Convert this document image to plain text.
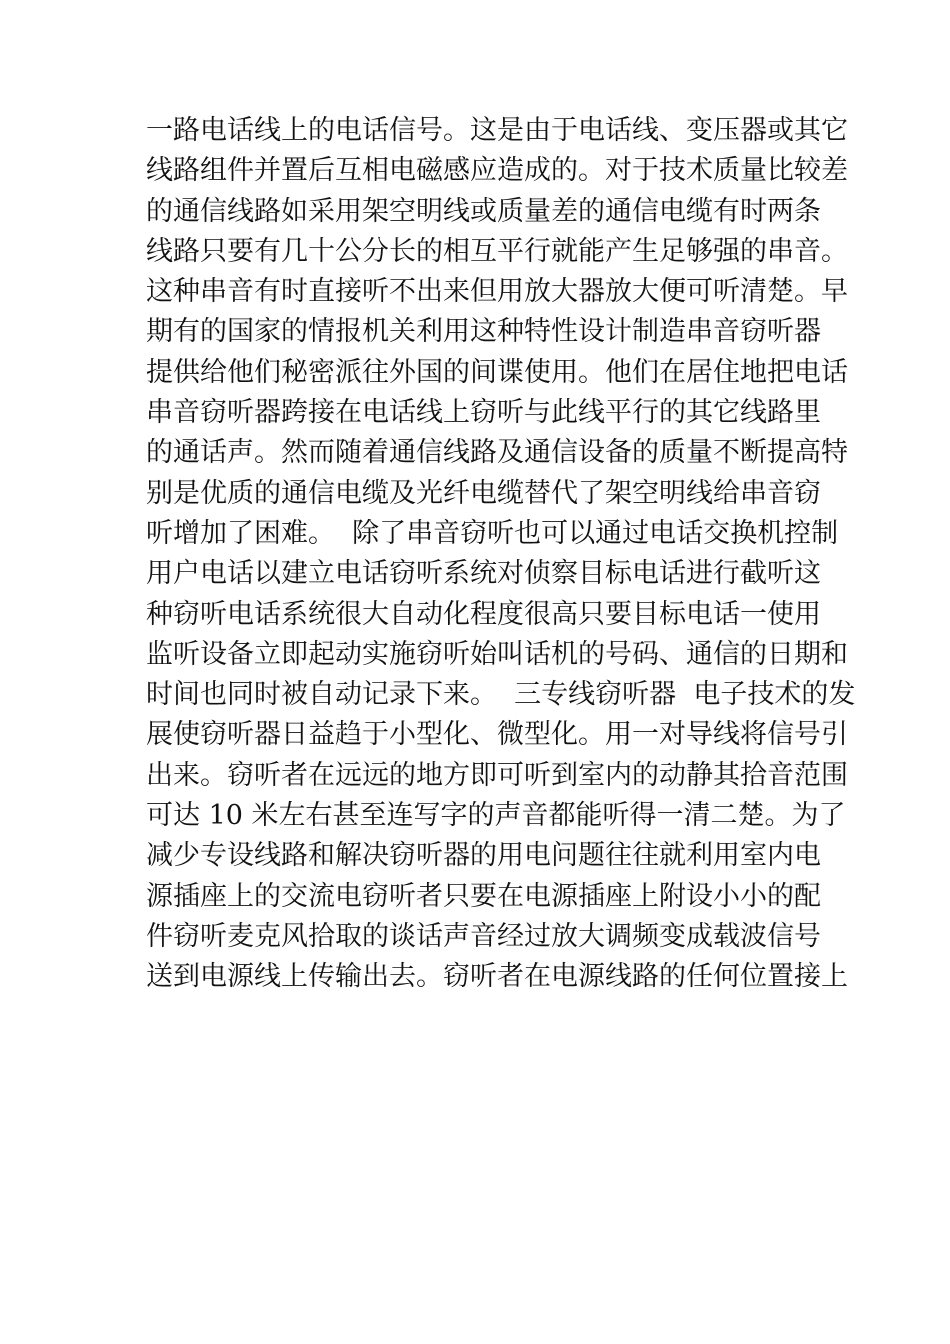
一路电话线上的电话信号。这是由于电话线、变压器或其它
线路组件并置后互相电磁感应造成的。对于技术质量比较差
的通信线路如采用架空明线或质量差的通信电缆有时两条
线路只要有几十公分长的相互平行就能产生足够强的串音。
这种串音有时直接听不出来但用放大器放大便可听清楚。早
期有的国家的情报机关利用这种特性设计制造串音窃听器
提供给他们秘密派往外国的间谍使用。他们在居住地把电话
串音窃听器跨接在电话线上窃听与此线平行的其它线路里
的通话声。然而随着通信线路及通信设备的质量不断提高特
别是优质的通信电缆及光纤电缆替代了架空明线给串音窃
听增加了困难。  除了串音窃听也可以通过电话交换机控制
用户电话以建立电话窃听系统对侦察目标电话进行截听这
种窃听电话系统很大自动化程度很高只要目标电话一使用
监听设备立即起动实施窃听始叫话机的号码、通信的日期和
时间也同时被自动记录下来。  三专线窃听器  电子技术的发
展使窃听器日益趋于小型化、微型化。用一对导线将信号引
出来。窃听者在远远的地方即可听到室内的动静其拾音范围
可达 10 米左右甚至连写字的声音都能听得一清二楚。为了
减少专设线路和解决窃听器的用电问题往往就利用室内电
源插座上的交流电窃听者只要在电源插座上附设小小的配
件窃听麦克风拾取的谈话声音经过放大调频变成载波信号
送到电源线上传输出去。窃听者在电源线路的任何位置接上
